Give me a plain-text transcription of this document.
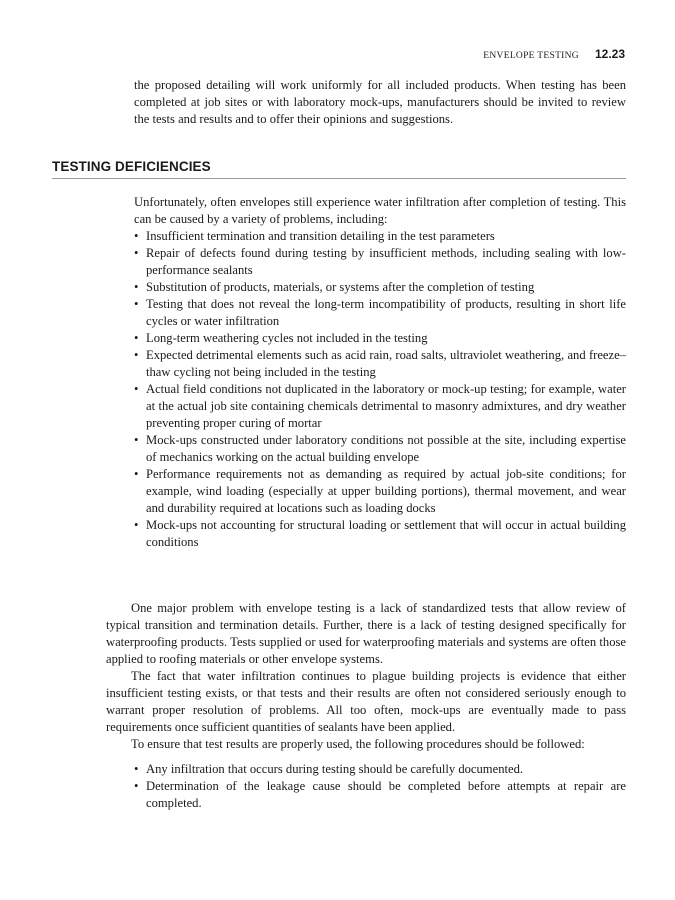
ENVELOPE TESTING 12.23

the proposed detailing will work uniformly for all included products. When testing has been completed at job sites or with laboratory mock-ups, manufacturers should be invited to review the tests and results and to offer their opinions and suggestions.

TESTING DEFICIENCIES

Unfortunately, often envelopes still experience water infiltration after completion of testing. This can be caused by a variety of problems, including:

• Insufficient termination and transition detailing in the test parameters
• Repair of defects found during testing by insufficient methods, including sealing with low-performance sealants
• Substitution of products, materials, or systems after the completion of testing
• Testing that does not reveal the long-term incompatibility of products, resulting in short life cycles or water infiltration
• Long-term weathering cycles not included in the testing
• Expected detrimental elements such as acid rain, road salts, ultraviolet weathering, and freeze–thaw cycling not being included in the testing
• Actual field conditions not duplicated in the laboratory or mock-up testing; for example, water at the actual job site containing chemicals detrimental to masonry admixtures, and dry weather preventing proper curing of mortar
• Mock-ups constructed under laboratory conditions not possible at the site, including expertise of mechanics working on the actual building envelope
• Performance requirements not as demanding as required by actual job-site conditions; for example, wind loading (especially at upper building portions), thermal movement, and wear and durability required at locations such as loading docks
• Mock-ups not accounting for structural loading or settlement that will occur in actual building conditions

One major problem with envelope testing is a lack of standardized tests that allow review of typical transition and termination details. Further, there is a lack of testing designed specifically for waterproofing products. Tests supplied or used for waterproofing materials and systems are often those applied to roofing materials or other envelope systems.

The fact that water infiltration continues to plague building projects is evidence that either insufficient testing exists, or that tests and their results are often not considered seriously enough to warrant proper resolution of problems. All too often, mock-ups are eventually made to pass requirements once sufficient quantities of sealants have been applied.

To ensure that test results are properly used, the following procedures should be followed:

• Any infiltration that occurs during testing should be carefully documented.
• Determination of the leakage cause should be completed before attempts at repair are completed.
